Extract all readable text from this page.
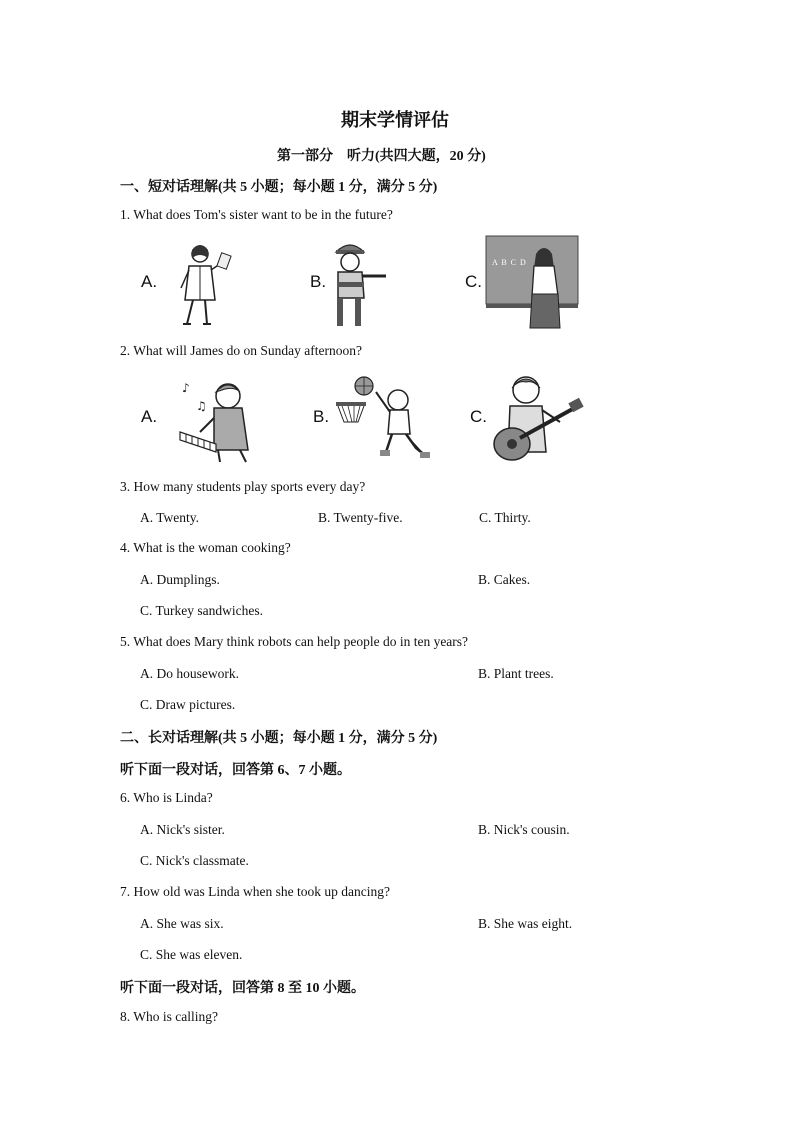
期末学情评估
第一部分　听力(共四大题，20 分)
一、短对话理解(共 5 小题；每小题 1 分，满分 5 分)
1. What does Tom's sister want to be in the future?
A.	B.	C.
A B C D
2. What will James do on Sunday afternoon?
A.	B.	C.
♪
♫
3. How many students play sports every day?
A. Twenty.	B. Twenty-five.	C. Thirty.
4. What is the woman cooking?
A. Dumplings.	B. Cakes.
C. Turkey sandwiches.
5. What does Mary think robots can help people do in ten years?
A. Do housework.	B. Plant trees.
C. Draw pictures.
二、长对话理解(共 5 小题；每小题 1 分，满分 5 分)
听下面一段对话，回答第 6、7 小题。
6. Who is Linda?
A. Nick's sister.	B. Nick's cousin.
C. Nick's classmate.
7. How old was Linda when she took up dancing?
A. She was six.	B. She was eight.
C. She was eleven.
听下面一段对话，回答第 8 至 10 小题。
8. Who is calling?
